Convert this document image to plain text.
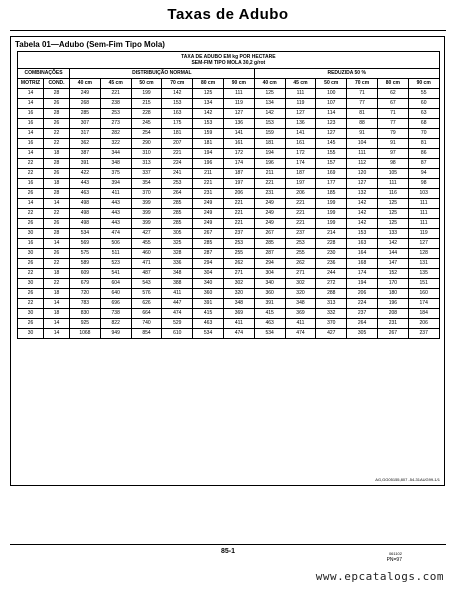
Taxas de Adubo
Tabela 01—Adubo (Sem-Fim Tipo Mola)
TAXA DE ADUBO EM kg POR HECTARE
SEM-FIM TIPO MOLA 30,2 g/rot													

COMBINAÇÕES		DISTRIBUIÇÃO NORMAL						REDUZIDA 50 %					
MOTRIZ	COND.	40 cm	45 cm	50 cm	70 cm	80 cm	90 cm	40 cm	45 cm	50 cm	70 cm	80 cm	90 cm
14	28	249	221	199	142	125	111	125	111	100	71	62	55
14	26	268	238	215	153	134	119	134	119	107	77	67	60
16	28	285	253	228	163	142	127	142	127	114	81	71	63
16	26	307	273	245	175	153	136	153	136	123	88	77	68
14	22	317	282	254	181	159	141	159	141	127	91	79	70
16	22	362	322	290	207	181	161	181	161	145	104	91	81
14	18	387	344	310	221	194	172	194	172	155	111	97	86
22	28	391	348	313	224	196	174	196	174	157	112	98	87
22	26	422	375	337	241	211	187	211	187	169	120	105	94
16	18	443	394	354	253	221	197	221	197	177	127	111	98
26	28	463	411	370	264	231	206	231	206	185	132	116	103
14	14	498	443	399	285	249	221	249	221	199	142	125	111
22	22	498	443	399	285	249	221	249	221	199	142	125	111
26	26	498	443	399	285	249	221	249	221	199	142	125	111
30	28	534	474	427	305	267	237	267	237	214	153	133	119
16	14	569	506	455	325	285	253	285	253	228	163	142	127
30	26	575	511	460	328	287	255	287	255	230	164	144	128
26	22	589	523	471	336	294	262	294	262	236	168	147	131
22	18	609	541	487	348	304	271	304	271	244	174	152	135
30	22	679	604	543	388	340	302	340	302	272	194	170	151
26	18	720	640	576	411	360	320	360	320	288	206	180	160
22	14	783	696	626	447	391	348	391	348	313	224	196	174
30	18	830	738	664	474	415	369	415	369	332	237	208	184
26	14	925	822	740	529	463	411	463	411	370	264	231	206
30	14	1068	949	854	610	534	474	534	474	427	305	267	237
AG,GG05155,807 -54-31AUG99-1/1
85-1	061102
PN=97
www.epcatalogs.com
